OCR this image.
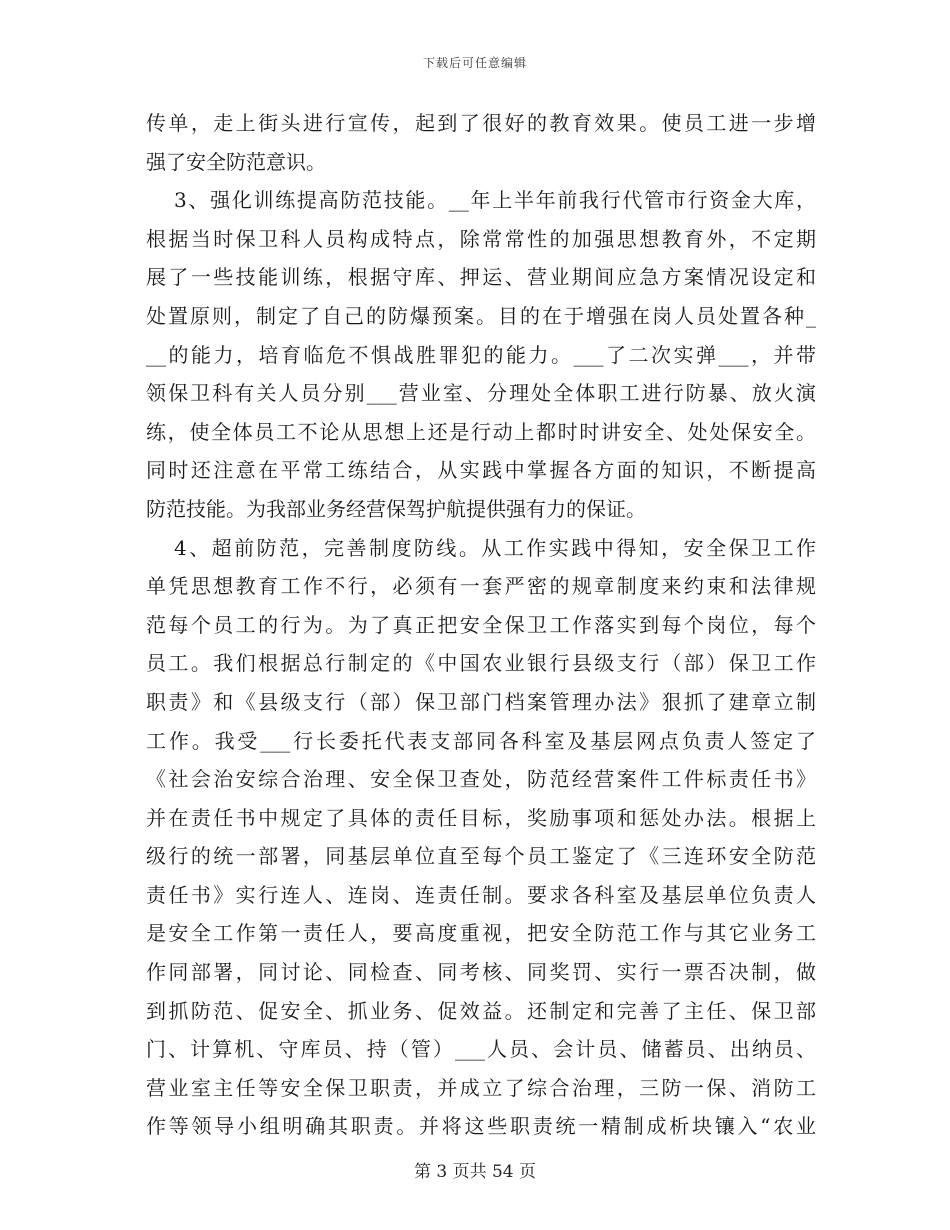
下载后可任意编辑
传单，走上街头进行宣传，起到了很好的教育效果。使员工进一步增
强了安全防范意识。
3、强化训练提高防范技能。__年上半年前我行代管市行资金大库，
根据当时保卫科人员构成特点，除常常性的加强思想教育外，不定期
展了一些技能训练，根据守库、押运、营业期间应急方案情况设定和
处置原则，制定了自己的防爆预案。目的在于增强在岗人员处置各种_
__的能力，培育临危不惧战胜罪犯的能力。___了二次实弹___，并带
领保卫科有关人员分别___营业室、分理处全体职工进行防暴、放火演
练，使全体员工不论从思想上还是行动上都时时讲安全、处处保安全。
同时还注意在平常工练结合，从实践中掌握各方面的知识，不断提高
防范技能。为我部业务经营保驾护航提供强有力的保证。
4、超前防范，完善制度防线。从工作实践中得知，安全保卫工作
单凭思想教育工作不行，必须有一套严密的规章制度来约束和法律规
范每个员工的行为。为了真正把安全保卫工作落实到每个岗位，每个
员工。我们根据总行制定的《中国农业银行县级支行（部）保卫工作
职责》和《县级支行（部）保卫部门档案管理办法》狠抓了建章立制
工作。我受___行长委托代表支部同各科室及基层网点负责人签定了
《社会治安综合治理、安全保卫查处，防范经营案件工件标责任书》
并在责任书中规定了具体的责任目标，奖励事项和惩处办法。根据上
级行的统一部署，同基层单位直至每个员工鉴定了《三连环安全防范
责任书》实行连人、连岗、连责任制。要求各科室及基层单位负责人
是安全工作第一责任人，要高度重视，把安全防范工作与其它业务工
作同部署，同讨论、同检查、同考核、同奖罚、实行一票否决制，做
到抓防范、促安全、抓业务、促效益。还制定和完善了主任、保卫部
门、计算机、守库员、持（管）___人员、会计员、储蓄员、出纳员、
营业室主任等安全保卫职责，并成立了综合治理，三防一保、消防工
作等领导小组明确其职责。并将这些职责统一精制成析块镶入“农业
第 3 页共 54 页
